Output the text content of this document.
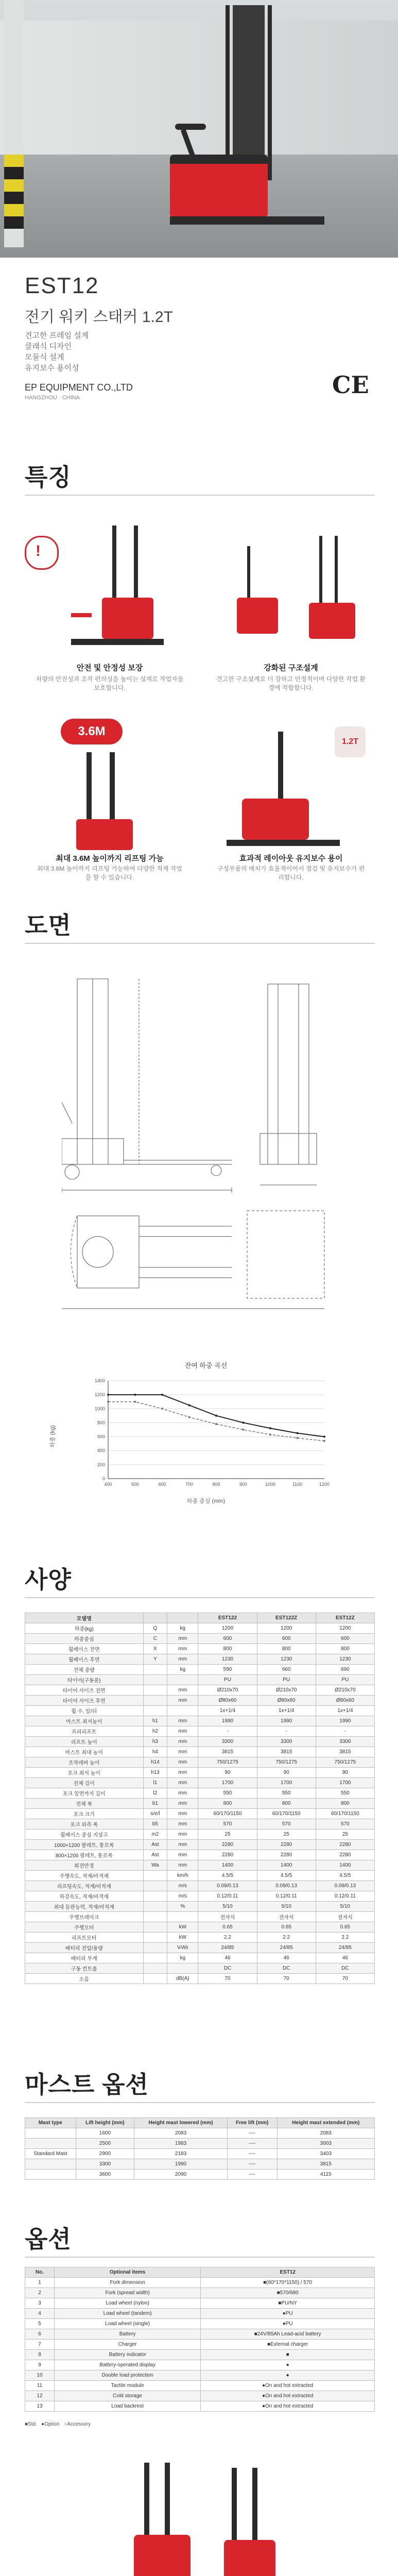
EST12
전기 워키 스태커 1.2T
견고한 프레임 설계
클래식 디자인
모듈식 설계
유지보수 용이성
EP EQUIPMENT CO.,LTD
HANGZHOU · CHINA	CE
특징
!
안전 및 안정성 보장
차량의 안전성과 조작 편의성을 높이는 설계로 작업자를 보호합니다.
강화된 구조설계
견고한 구조설계로 더 강하고 안정적이며 다양한 작업 환경에 적합합니다.
3.6M
최대 3.6M 높이까지 리프팅 가능
최대 3.6M 높이까지 리프팅 가능하여 다양한 적재 작업을 할 수 있습니다.
1.2T
효과적 레이아웃 유지보수 용이
구성부품의 배치가 효율적이어서 점검 및 유지보수가 편리합니다.
도면
잔여 하중 곡선
0
200
400
600
800
1000
1200
1400
400	500	600	700	800	900	1000	1100	1200
하중 중심 (mm)
하중 (kg)
사양
모델명			EST122	EST122Z	EST12Z
하중(kg)	Q	kg	1200	1200	1200
하중중심	C	mm	600	600	600
휠베이스 전면	X	mm	800	800	800
휠베이스 후면	Y	mm	1230	1230	1230
전체 중량		kg	590	660	690
타이어(구동륜)			PU	PU	PU
타이어 사이즈 전면		mm	Ø210x70	Ø210x70	Ø210x70
타이어 사이즈 후면		mm	Ø80x60	Ø80x60	Ø80x60
휠 수, 앞/뒤			1x+1/4	1x+1/4	1x+1/4
마스트 최저높이	h1	mm	1990	1990	1990
프리리프트	h2	mm	-	-	-
리프트 높이	h3	mm	3300	3300	3300
마스트 최대 높이	h4	mm	3815	3815	3815
조작레버 높이	h14	mm	750/1275	750/1275	750/1275
포크 최저 높이	h13	mm	90	90	90
전체 길이	l1	mm	1700	1700	1700
포크 앞면까지 길이	l2	mm	550	550	550
전체 폭	b1	mm	800	800	800
포크 크기	s/e/l	mm	60/170/1150	60/170/1150	60/170/1150
포크 외측 폭	b5	mm	570	570	570
휠베이스 중심 지상고	m2	mm	25	25	25
1000×1200 팔레트, 통로폭	Ast	mm	2280	2280	2280
800×1200 팔레트, 통로폭	Ast	mm	2280	2280	2280
회전반경	Wa	mm	1400	1400	1400
주행속도, 적재/비적재		km/h	4.5/5	4.5/5	4.5/5
리프팅속도, 적재/비적재		m/s	0.09/0.13	0.09/0.13	0.09/0.13
하강속도, 적재/비적재		m/s	0.12/0.11	0.12/0.11	0.12/0.11
최대 등판능력, 적재/비적재		%	5/10	5/10	5/10
주행브레이크			전자식	전자식	전자식
주행모터		kW	0.65	0.65	0.65
리프트모터		kW	2.2	2.2	2.2
배터리 전압/용량		V/Ah	24/85	24/85	24/85
배터리 무게		kg	46	46	46
구동 컨트롤			DC	DC	DC
소음		dB(A)	70	70	70
마스트 옵션
Mast type	Lift height (mm)	Height mast lowered (mm)	Free lift (mm)	Height mast extended (mm)
	1600	2083	----	2083
	2500	1983	----	3003
Standard Mast	2900	2183	----	3403
	3300	1990	----	3815
	3600	2090	----	4115
옵션
No.	Optional items	EST12
1	Fork dimension	■(60*170*1150) / 570
2	Fork (spread width)	■570/680
3	Load wheel (nylon)	■PU/NY
4	Load wheel (tandem)	●PU
5	Load wheel (single)	●PU
6	Battery	■24V/85Ah Lead-acid battery
7	Charger	■External charger
8	Battery indicator	■
9	Battery-operated display	●
10	Double load protection	●
11	Tactile module	●On and hot extracted
12	Cold storage	●On and hot extracted
13	Load backrest	●On and hot extracted
■Std. ●Option ○Accessory
